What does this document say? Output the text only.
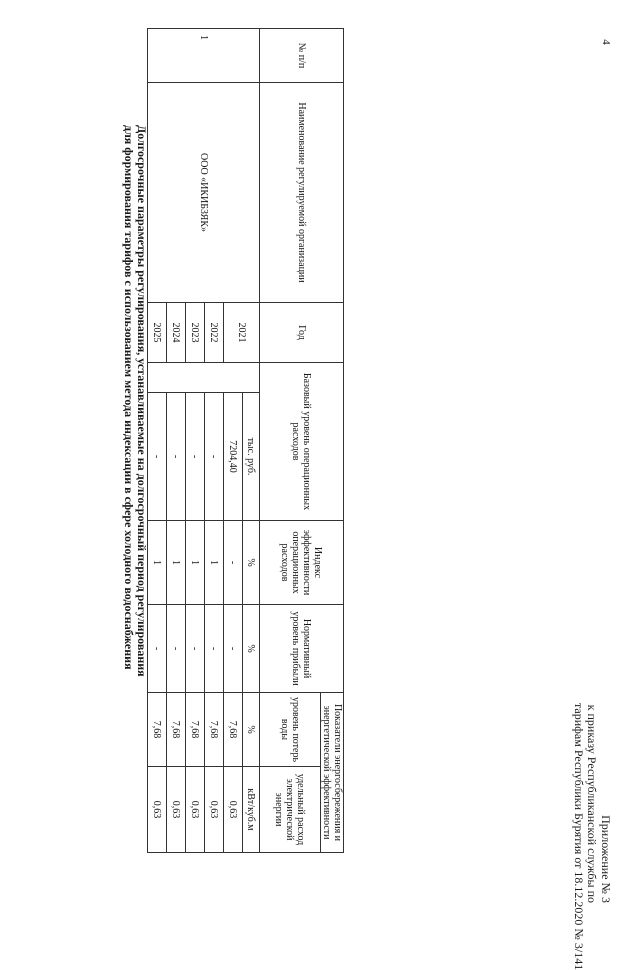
4
Приложение № 3
к приказу Республиканской службы по
тарифам Республики Бурятия от 18.12.2020 № 3/141
Долгосрочные параметры регулирования, устанавливаемые на долгосрочный период регулирования
для формирования тарифов с использованием метода индексации в сфере холодного водоснабжения
№ п/п	Наименование регулируемой организации	Год	Базовый уровень операционных расходов		Индекс эффективности операционных расходов	Нормативный уровень прибыли	Показатели энергосбережения и энергетической эффективности	
							уровень потерь воды	удельный расход электрической энергии
1	ООО «ИКИБЗЯК»	2021		тыс. руб.	%	%	%	кВт/куб.м
				7204,40	-	-	7,68	0,63
		2022		-	1	-	7,68	0,63
		2023		-	1	-	7,68	0,63
		2024		-	1	-	7,68	0,63
		2025		-	1	-	7,68	0,63
